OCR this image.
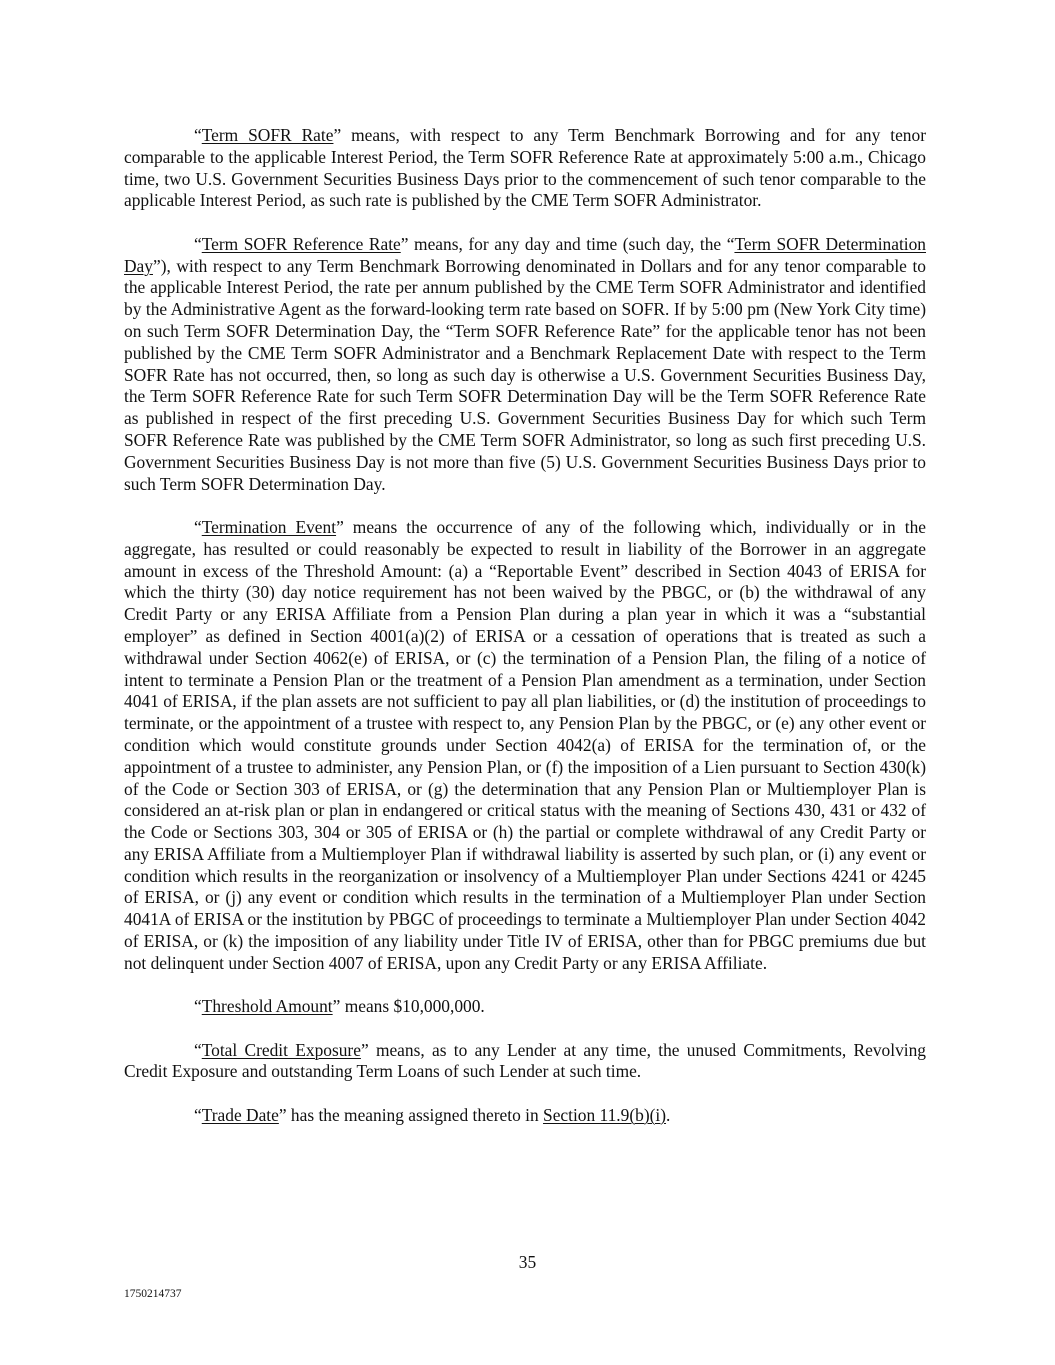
“Term SOFR Rate” means, with respect to any Term Benchmark Borrowing and for any tenor comparable to the applicable Interest Period, the Term SOFR Reference Rate at approximately 5:00 a.m., Chicago time, two U.S. Government Securities Business Days prior to the commencement of such tenor comparable to the applicable Interest Period, as such rate is published by the CME Term SOFR Administrator.

“Term SOFR Reference Rate” means, for any day and time (such day, the “Term SOFR Determination Day”), with respect to any Term Benchmark Borrowing denominated in Dollars and for any tenor comparable to the applicable Interest Period, the rate per annum published by the CME Term SOFR Administrator and identified by the Administrative Agent as the forward-looking term rate based on SOFR. If by 5:00 pm (New York City time) on such Term SOFR Determination Day, the “Term SOFR Reference Rate” for the applicable tenor has not been published by the CME Term SOFR Administrator and a Benchmark Replacement Date with respect to the Term SOFR Rate has not occurred, then, so long as such day is otherwise a U.S. Government Securities Business Day, the Term SOFR Reference Rate for such Term SOFR Determination Day will be the Term SOFR Reference Rate as published in respect of the first preceding U.S. Government Securities Business Day for which such Term SOFR Reference Rate was published by the CME Term SOFR Administrator, so long as such first preceding U.S. Government Securities Business Day is not more than five (5) U.S. Government Securities Business Days prior to such Term SOFR Determination Day.

“Termination Event” means the occurrence of any of the following which, individually or in the aggregate, has resulted or could reasonably be expected to result in liability of the Borrower in an aggregate amount in excess of the Threshold Amount: (a) a “Reportable Event” described in Section 4043 of ERISA for which the thirty (30) day notice requirement has not been waived by the PBGC, or (b) the withdrawal of any Credit Party or any ERISA Affiliate from a Pension Plan during a plan year in which it was a “substantial employer” as defined in Section 4001(a)(2) of ERISA or a cessation of operations that is treated as such a withdrawal under Section 4062(e) of ERISA, or (c) the termination of a Pension Plan, the filing of a notice of intent to terminate a Pension Plan or the treatment of a Pension Plan amendment as a termination, under Section 4041 of ERISA, if the plan assets are not sufficient to pay all plan liabilities, or (d) the institution of proceedings to terminate, or the appointment of a trustee with respect to, any Pension Plan by the PBGC, or (e) any other event or condition which would constitute grounds under Section 4042(a) of ERISA for the termination of, or the appointment of a trustee to administer, any Pension Plan, or (f) the imposition of a Lien pursuant to Section 430(k) of the Code or Section 303 of ERISA, or (g) the determination that any Pension Plan or Multiemployer Plan is considered an at-risk plan or plan in endangered or critical status with the meaning of Sections 430, 431 or 432 of the Code or Sections 303, 304 or 305 of ERISA or (h) the partial or complete withdrawal of any Credit Party or any ERISA Affiliate from a Multiemployer Plan if withdrawal liability is asserted by such plan, or (i) any event or condition which results in the reorganization or insolvency of a Multiemployer Plan under Sections 4241 or 4245 of ERISA, or (j) any event or condition which results in the termination of a Multiemployer Plan under Section 4041A of ERISA or the institution by PBGC of proceedings to terminate a Multiemployer Plan under Section 4042 of ERISA, or (k) the imposition of any liability under Title IV of ERISA, other than for PBGC premiums due but not delinquent under Section 4007 of ERISA, upon any Credit Party or any ERISA Affiliate.

“Threshold Amount” means $10,000,000.

“Total Credit Exposure” means, as to any Lender at any time, the unused Commitments, Revolving Credit Exposure and outstanding Term Loans of such Lender at such time.

“Trade Date” has the meaning assigned thereto in Section 11.9(b)(i).

35
1750214737
